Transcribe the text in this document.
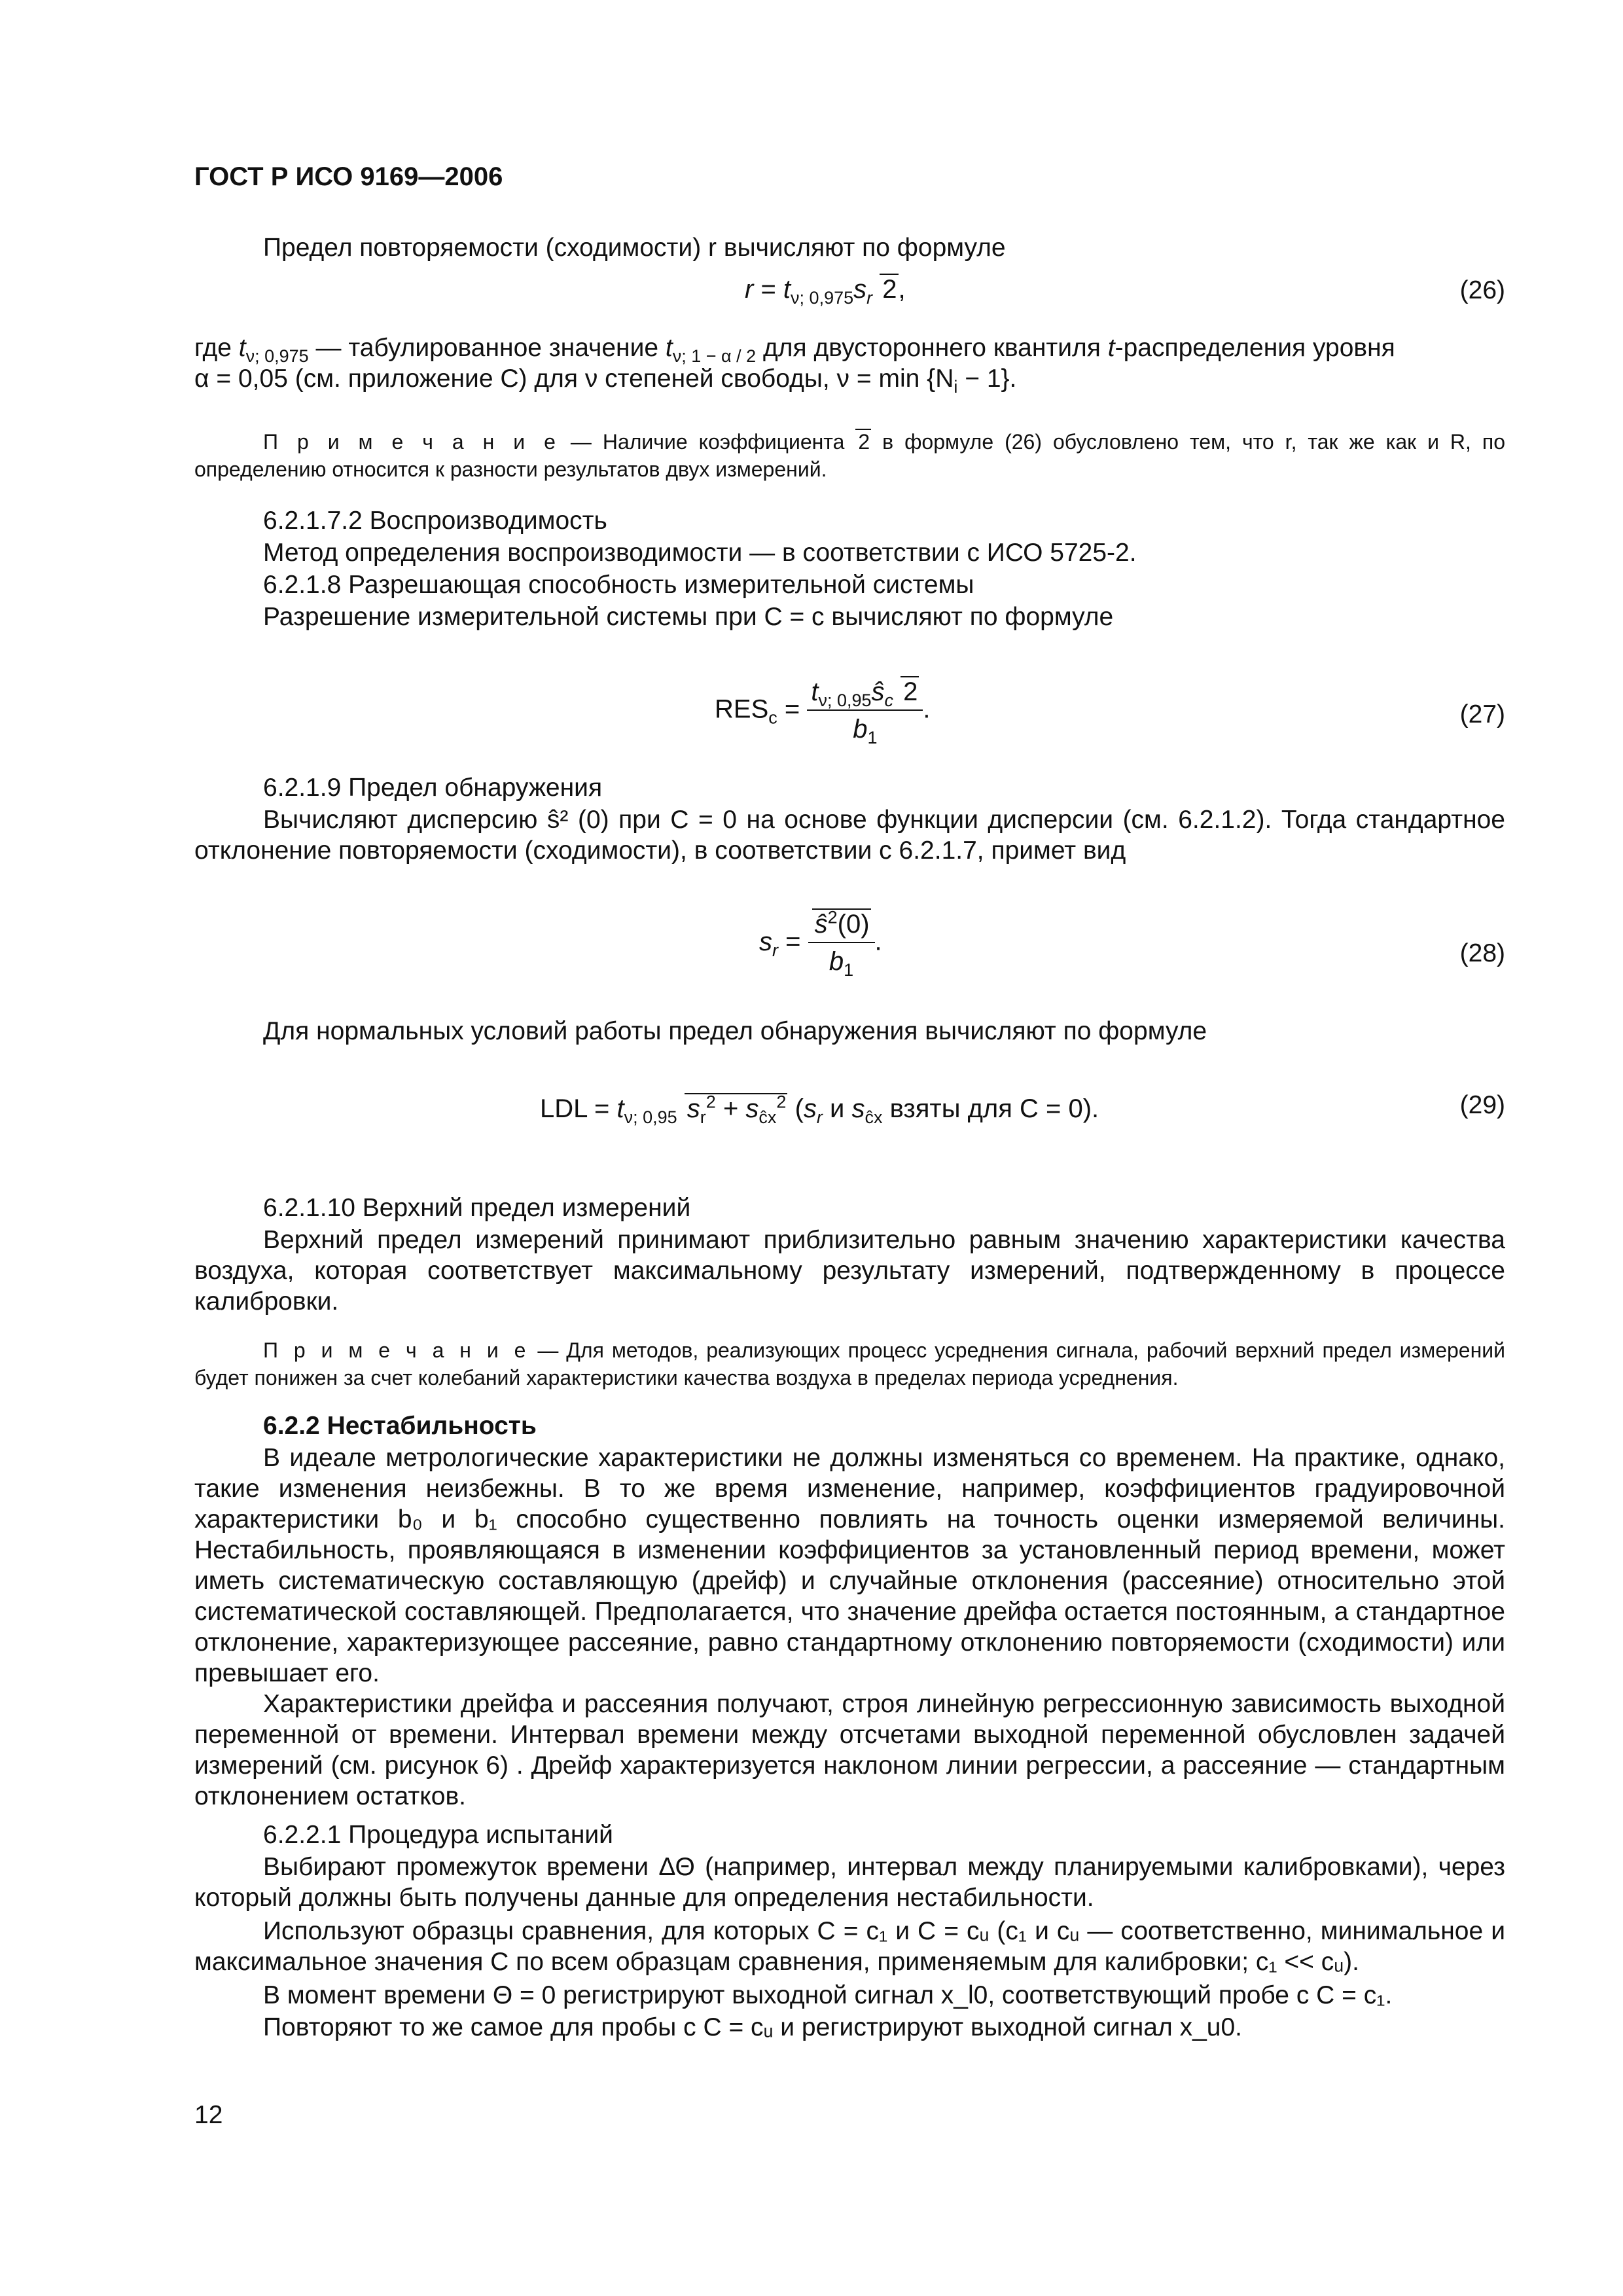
ГОСТ Р ИСО 9169—2006
Предел повторяемости (сходимости) r вычисляют по формуле
$r = t_{\nu; 0,975}s_r$ 2,	(26)
где $t_{\nu; 0,975}$ — табулированное значение $t_{\nu; 1 - \alpha / 2}$ для двустороннего квантиля t-распределения уровня
α = 0,05 (см. приложение С) для ν степеней свободы, $\nu = \min \{N_i - 1\}$.
П р и м е ч а н и е — Наличие коэффициента 2 в формуле (26) обусловлено тем, что r, так же как и R, по определению относится к разности результатов двух измерений.
6.2.1.7.2 Воспроизводимость
Метод определения воспроизводимости — в соответствии с ИСО 5725-2.
6.2.1.8 Разрешающая способность измерительной системы
Разрешение измерительной системы при C = c вычисляют по формуле
$RES_c = \frac{t_{\nu; 0,95}ŝ_c 2}{b_1}$ .	(27)
6.2.1.9 Предел обнаружения
Вычисляют дисперсию ŝ² (0) при C = 0 на основе функции дисперсии (см. 6.2.1.2). Тогда стандартное отклонение повторяемости (сходимости), в соответствии с 6.2.1.7, примет вид
$s_r = \frac{ŝ^2(0)}{b_1}$ .	(28)
Для нормальных условий работы предел обнаружения вычисляют по формуле
LDL = $t_{\nu; 0,95}$ $s_r^2 + s_{ĉx}^2$ ($s_r$ и $s_{ĉx}$ взяты для C = 0).	(29)
6.2.1.10 Верхний предел измерений
Верхний предел измерений принимают приблизительно равным значению характеристики качества воздуха, которая соответствует максимальному результату измерений, подтвержденному в процессе калибровки.
П р и м е ч а н и е — Для методов, реализующих процесс усреднения сигнала, рабочий верхний предел измерений будет понижен за счет колебаний характеристики качества воздуха в пределах периода усреднения.
6.2.2 Нестабильность
В идеале метрологические характеристики не должны изменяться со временем. На практике, однако, такие изменения неизбежны. В то же время изменение, например, коэффициентов градуировочной характеристики b₀ и b₁ способно существенно повлиять на точность оценки измеряемой величины. Нестабильность, проявляющаяся в изменении коэффициентов за установленный период времени, может иметь систематическую составляющую (дрейф) и случайные отклонения (рассеяние) относительно этой систематической составляющей. Предполагается, что значение дрейфа остается постоянным, а стандартное отклонение, характеризующее рассеяние, равно стандартному отклонению повторяемости (сходимости) или превышает его.
Характеристики дрейфа и рассеяния получают, строя линейную регрессионную зависимость выходной переменной от времени. Интервал времени между отсчетами выходной переменной обусловлен задачей измерений (см. рисунок 6) . Дрейф характеризуется наклоном линии регрессии, а рассеяние — стандартным отклонением остатков.
6.2.2.1 Процедура испытаний
Выбирают промежуток времени ΔΘ (например, интервал между планируемыми калибровками), через который должны быть получены данные для определения нестабильности.
Используют образцы сравнения, для которых C = c₁ и C = cᵤ (c₁ и cᵤ — соответственно, минимальное и максимальное значения C по всем образцам сравнения, применяемым для калибровки; c₁ << cᵤ).
В момент времени Θ = 0 регистрируют выходной сигнал x_l0, соответствующий пробе с C = c₁.
Повторяют то же самое для пробы с C = cᵤ и регистрируют выходной сигнал x_u0.
12
